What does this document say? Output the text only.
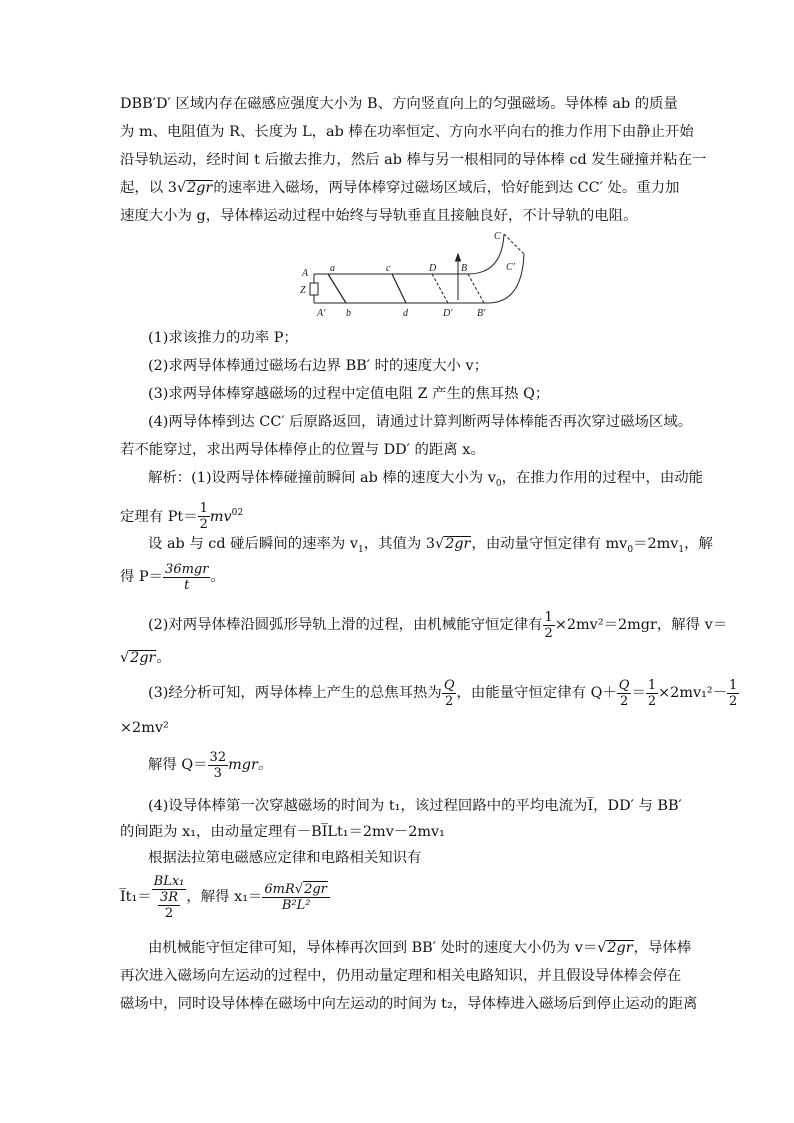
DBB′D′ 区域内存在磁感应强度大小为 B、方向竖直向上的匀强磁场。导体棒 ab 的质量
为 m、电阻值为 R、长度为 L，ab 棒在功率恒定、方向水平向右的推力作用下由静止开始
沿导轨运动，经时间 t 后撤去推力，然后 ab 棒与另一根相同的导体棒 cd 发生碰撞并粘在一
起，以 3√2gr的速率进入磁场，两导体棒穿过磁场区域后，恰好能到达 CC′ 处。重力加
速度大小为 g，导体棒运动过程中始终与导轨垂直且接触良好，不计导轨的电阻。
A a	c	D B
C
C′
Z
A′ b	d	D′ B′
(1)求该推力的功率 P；
(2)求两导体棒通过磁场右边界 BB′ 时的速度大小 v；
(3)求两导体棒穿越磁场的过程中定值电阻 Z 产生的焦耳热 Q；
(4)两导体棒到达 CC′ 后原路返回，请通过计算判断两导体棒能否再次穿过磁场区域。
若不能穿过，求出两导体棒停止的位置与 DD′ 的距离 x。
解析：(1)设两导体棒碰撞前瞬间 ab 棒的速度大小为 $v_0$，在推力作用的过程中，由动能
定理有 $Pt= \frac{1}{2} mv^{02}$
设 ab 与 cd 碰后瞬间的速率为 $v_1$，其值为 3√2gr，由动量守恒定律有 $mv_0=2mv_1$，解
得 P＝ 36mgr
t	。
(2)对两导体棒沿圆弧形导轨上滑的过程，由机械能守恒定律有 $\frac{1}{2} \times 2mv^2=2mgr$，解得 v＝
√2gr。
(3)经分析可知，两导体棒上产生的总焦耳热为 $\frac{Q}{2}$ ，由能量守恒定律有 $Q+ \frac{Q}{2} = \frac{1}{2} \times 2mv_1^2- \frac{1}{2}$
×2mv²
解得 $Q= \frac{32}{3}$ mgr。
(4)设导体棒第一次穿越磁场的时间为 t₁，该过程回路中的平均电流为I̅，DD′ 与 BB′
的间距为 x₁，由动量定理有－BI̅Lt₁＝2mv－2mv₁
根据法拉第电磁感应定律和电路相关知识有
I̅t₁＝
BLx₁
$\frac{3R}{2}$ ，解得 $x_1= \frac{6mR√2gr}{\text{B²L²}}$
由机械能守恒定律可知，导体棒再次回到 BB′ 处时的速度大小仍为 v＝√2gr，导体棒
再次进入磁场向左运动的过程中，仍用动量定理和相关电路知识，并且假设导体棒会停在
磁场中，同时设导体棒在磁场中向左运动的时间为 t₂，导体棒进入磁场后到停止运动的距离
